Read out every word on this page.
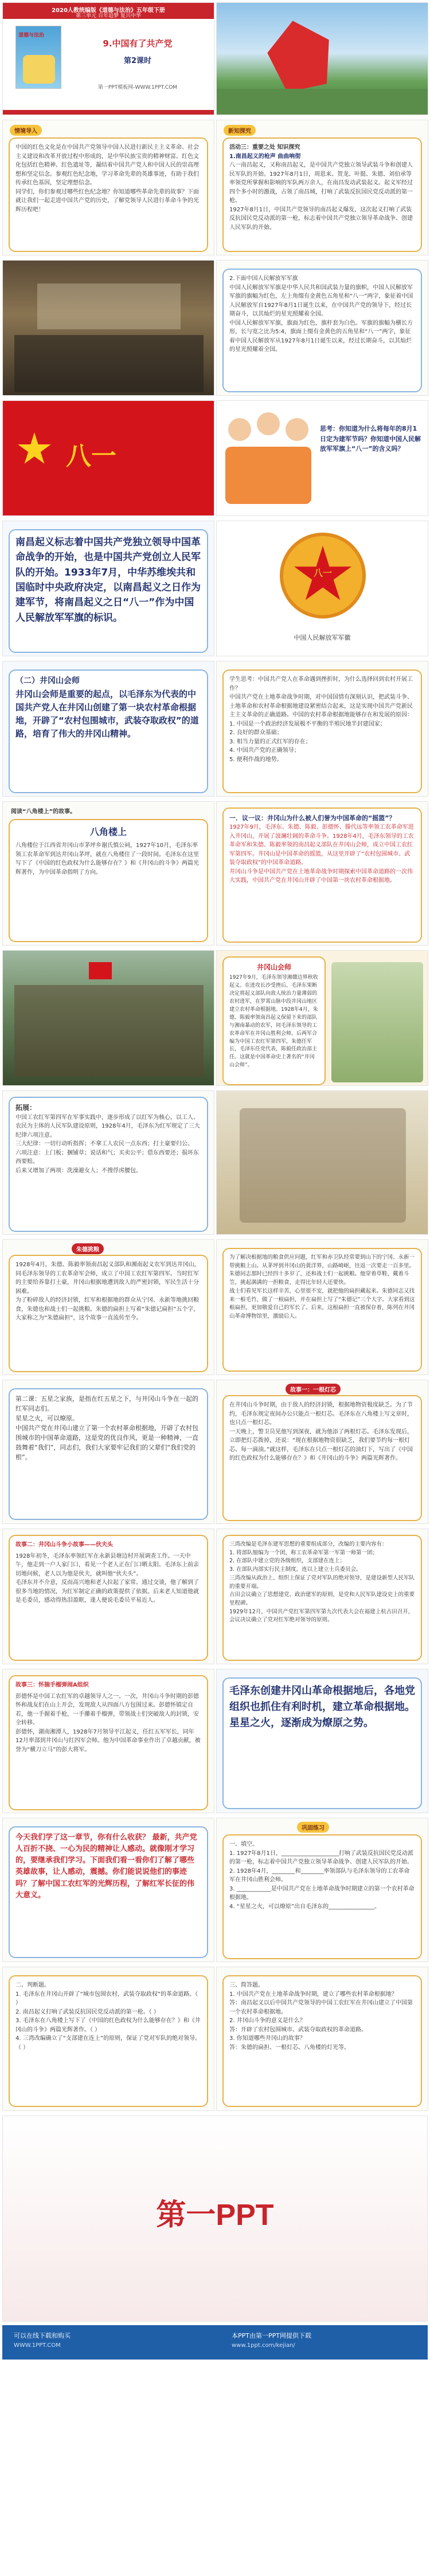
2020人教统编版《道德与法治》五年级下册
第三单元 百年追梦 复兴中华
道德与法治
9.中国有了共产党
第2课时
第一PPT模板网-WWW.1PPT.COM
情境导入
中国的红色文化是在中国共产党领导中国人民进行新民主主义革命、社会主义建设和改革开放过程中形成的，是中华民族宝贵的精神财富。红色文化包括红色精神、红色遗址等，凝结着中国共产党人和中国人民的崇高理想和坚定信念。参观红色纪念地，学习革命先辈的英雄事迹，有助于我们传承红色基因，坚定理想信念。
同学们，你们参观过哪些红色纪念地？你知道哪些革命先辈的故事？下面就让我们一起走进中国共产党的历史，了解党领导人民进行革命斗争的光辉历程吧！
新知探究
活动三：重要之处 知识探究
1.南昌起义的枪声 曲曲响彻
八一南昌起义，又称南昌起义，是中国共产党独立领导武装斗争和创建人民军队的开始。1927年8月1日，周恩来、贺龙、叶挺、朱德、刘伯承等率领党所掌握和影响的军队两万余人，在南昌发动武装起义。起义军经过四个多小时的激战，占领了南昌城，打响了武装反抗国民党反动派的第一枪。
1927年8月1日，中国共产党领导的南昌起义爆发，这次起义打响了武装反抗国民党反动派的第一枪，标志着中国共产党独立领导革命战争、创建人民军队的开始。
2.下面中国人民解放军军旗
中国人民解放军军旗是中华人民共和国武装力量的旗帜，中国人民解放军军旗的旗幅为红色，左上角缀有金黄色五角星和“八一”两字，象征着中国人民解放军自1927年8月1日诞生以来，在中国共产党的领导下，经过长期奋斗，以其灿烂的星光照耀着全国。
中国人民解放军军旗，旗面为红色，旗杆套为白色。军旗的旗幅为横长方形，长与宽之比为5:4，旗面上缀有金黄色的五角星和“八一”两字，象征着中国人民解放军从1927年8月1日诞生以来，经过长期奋斗，以其灿烂的星光照耀着全国。
八一
思考：你知道为什么将每年的8月1日定为建军节吗？你知道中国人民解放军军旗上“八一”的含义吗？
南昌起义标志着中国共产党独立领导中国革命战争的开始，也是中国共产党创立人民军队的开始。1933年7月，中华苏维埃共和国临时中央政府决定，以南昌起义之日作为建军节，将南昌起义之日“八一”作为中国人民解放军军旗的标识。
八一
中国人民解放军军徽
（二）井冈山会师
井冈山会师是重要的起点，以毛泽东为代表的中国共产党人在井冈山创建了第一块农村革命根据地，开辟了“农村包围城市，武装夺取政权”的道路，培育了伟大的井冈山精神。
学生思考：中国共产党人在革命遇到挫折时，为什么选择回到农村开展工作？
中国共产党在土地革命战争时期，对中国国情有深刻认识，把武装斗争、土地革命和农村革命根据地建设紧密结合起来，这是实现中国共产党新民主主义革命的正确道路。中国的农村革命根据地能够存在和发展的原因：
1. 中国是一个政治经济发展极不平衡的半殖民地半封建国家；
2. 良好的群众基础；
3. 相当力量的正式红军的存在；
4. 中国共产党的正确领导；
5. 便利作战的地势。
阅读“八角楼上”的故事。
八角楼上
八角楼位于江西省井冈山市茅坪乡谢氏慎公祠，1927年10月，毛泽东率领工农革命军到达井冈山茅坪，就在八角楼住了一段时间。毛泽东在这里写下了《中国的红色政权为什么能够存在？》和《井冈山的斗争》两篇光辉著作，为中国革命指明了方向。
一．议一议：井冈山为什么被人们誉为中国革命的“摇篮”？
1927年9月，毛泽东、朱德、陈毅、彭德怀、滕代远等率领工农革命军进入井冈山，开展了波澜壮阔的革命斗争。1928年4月，毛泽东领导的工农革命军和朱德、陈毅率领的南昌起义部队在井冈山会师，成立中国工农红军第四军。井冈山是中国革命的摇篮，从这里开辟了“农村包围城市、武装夺取政权”的中国革命道路。
井冈山斗争是中国共产党在土地革命战争时期探索中国革命道路的一次伟大实践，中国共产党在井冈山开辟了中国第一块农村革命根据地。
井冈山会师
1927年9月，毛泽东领导湘赣边界秋收起义。在进攻长沙受挫后，毛泽东果断决定将起义部队向敌人统治力量薄弱的农村进军，在罗霄山脉中段井冈山地区建立农村革命根据地。1928年4月，朱德、陈毅率领南昌起义保留下来的部队与湘南暴动的农军，同毛泽东领导的工农革命军在井冈山胜利会师。后两军合编为中国工农红军第四军，朱德任军长，毛泽东任党代表，陈毅任政治部主任。这就是中国革命史上著名的“井冈山会师”。
拓展：
中国工农红军第四军在军事实践中，逐步形成了以红军为核心，以工人、农民为主体的人民军队建设原则，1928年4月，毛泽东为红军规定了三大纪律六项注意。
三大纪律：一切行动听指挥；不拿工人农民一点东西；打土豪要归公。
六项注意：上门板；捆铺草；说话和气；买卖公平；借东西要还；损坏东西要赔。
后来又增加了两项：洗澡避女人；不搜俘虏腰包。
朱德挑粮
1928年4月，朱德、陈毅率领南昌起义部队和湘南起义农军到达井冈山，同毛泽东领导的工农革命军会师，成立了中国工农红军第四军。当时红军的主要给养靠打土豪，井冈山根据地遭到敌人的严密封锁，军民生活十分困难。
为了粉碎敌人的经济封锁，红军和根据地的群众从宁冈、永新等地挑回粮食，朱德也和战士们一起挑粮。朱德的扁担上写着“朱德记扁担”五个字，大家称之为“朱德扁担”，这个故事一直流传至今。
为了解决根据地的粮食供应问题，红军和赤卫队经常要到山下的宁冈、永新一带挑粮上山。从茅坪到井冈山的黄洋界，山路崎岖，往返一次要走一百多里。朱德同志那时已经四十多岁了，还和战士们一起挑粮。他穿着草鞋，戴着斗笠，挑起满满的一担粮食，走得比年轻人还要快。
战士们看见军长这样辛苦，心里很不安，就把他的扁担藏起来。朱德同志又找来一根毛竹，做了一根扁担，并在扁担上写了“朱德记”三个大字。大家看到这根扁担，更加敬爱自己的军长了。后来，这根扁担一直被保存着，陈列在井冈山革命博物馆里，激励后人。
第二课：五星之家族，是指在红五星之下，与井冈山斗争在一起的红军同志们。
星星之火，可以燎原。
中国共产党在井冈山建立了第一个农村革命根据地，开辟了农村包围城市的中国革命道路，这是党的优良作风，更是一种精神，一直鼓舞着“我们”，同志们，我们大家要牢记我们的父辈们“我们党的根”。
故事一：一根灯芯
在井冈山斗争时期，由于敌人的经济封锁，根据地物资极度缺乏。为了节约，毛泽东规定夜间办公只能点一根灯芯。毛泽东在八角楼上写文章时，也只点一根灯芯。
一天晚上，警卫员见他写到深夜，就为他添了两根灯芯。毛泽东发现后，立即把灯芯拨掉，还说：“现在根据地物资很缺乏，我们要节约每一根灯芯、每一滴油。”就这样，毛泽东在只点一根灯芯的油灯下，写出了《中国的红色政权为什么能够存在？》和《井冈山的斗争》两篇光辉著作。
故事二：井冈山斗争小故事——伙夫头
1928年初冬，毛泽东率领红军在永新县塘边村开展调查工作。一天中午，他走到一户人家门口，看见一个老人正在门口晒太阳。毛泽东上前亲切地问候，老人以为他是伙夫，就叫他“伙夫头”。
毛泽东并不介意，反而高兴地和老人拉起了家常。通过交谈，他了解到了很多当地的情况，为红军制定正确的政策提供了依据。后来老人知道他就是毛委员，感动得热泪盈眶，逢人便说毛委员平易近人。
三湾改编是毛泽东建军思想的重要组成部分，改编的主要内容有：
1. 将部队缩编为一个团，称工农革命军第一军第一师第一团；
2. 在部队中建立党的各级组织，支部建在连上；
3. 在部队内部实行民主制度，连以上建立士兵委员会。
三湾改编从政治上、组织上保证了党对军队的绝对领导，是建设新型人民军队的重要开端。
古田会议确立了思想建党、政治建军的原则，是党和人民军队建设史上的重要里程碑。
1929年12月，中国共产党红军第四军第九次代表大会在福建上杭古田召开，会议决议确立了党对红军绝对领导的原则。
故事三：怀揣手榴弹闹A组织
彭德怀是中国工农红军的卓越领导人之一。一次，井冈山斗争时期的彭德怀和战友们在山上开会，发现敌人从四面八方包围过来。彭德怀镇定自若，他一手握着手枪，一手攥着手榴弹，带领战士们突破敌人的封锁，安全转移。
彭德怀，湖南湘潭人，1928年7月领导平江起义，任红五军军长，同年12月率部到井冈山与红四军会师。他为中国革命事业作出了卓越贡献，被誉为“横刀立马”的彭大将军。
毛泽东创建井冈山革命根据地后，各地党组织也抓住有利时机，建立革命根据地。星星之火，逐渐成为燎原之势。
今天我们学了这一章节，你有什么收获？ 最新，共产党人百折不挠、一心为民的精神让人感动。就像刚才学习的，要继承我们学习。下面我们看一看你们了解了哪些英雄故事，让人感动，震撼。你们能说说他们的事迹吗？了解中国工农红军的光辉历程，了解红军长征的伟大意义。
巩固练习
一、填空。
1. 1927年8月1日，____________________打响了武装反抗国民党反动派的第一枪，标志着中国共产党独立领导革命战争、创建人民军队的开始。
2. 1928年4月，________和________率领部队与毛泽东领导的工农革命军在井冈山胜利会师。
3. ____________是中国共产党在土地革命战争时期建立的第一个农村革命根据地。
4. “星星之火，可以燎原”出自毛泽东的________________。
二、判断题。
1. 毛泽东在井冈山开辟了“城市包围农村，武装夺取政权”的革命道路。（ ）
2. 南昌起义打响了武装反抗国民党反动派的第一枪。（ ）
3. 毛泽东在八角楼上写下了《中国的红色政权为什么能够存在？》和《井冈山的斗争》两篇光辉著作。（ ）
4. 三湾改编确立了“支部建在连上”的原则，保证了党对军队的绝对领导。（ ）
三、简答题。
1. 中国共产党在土地革命战争时期，建立了哪些农村革命根据地？
答：南昌起义以后中国共产党领导的中国工农红军在井冈山建立了中国第一个农村革命根据地。
2. 井冈山斗争的意义是什么？
答：开辟了农村包围城市、武装夺取政权的革命道路。
3. 你知道哪些井冈山的故事？
答：朱德的扁担、一根灯芯、八角楼的灯光等。
第一PPT
可以在线下载和购买
WWW.1PPT.COM
本PPT由第一PPT网提供下载
www.1ppt.com/kejian/
